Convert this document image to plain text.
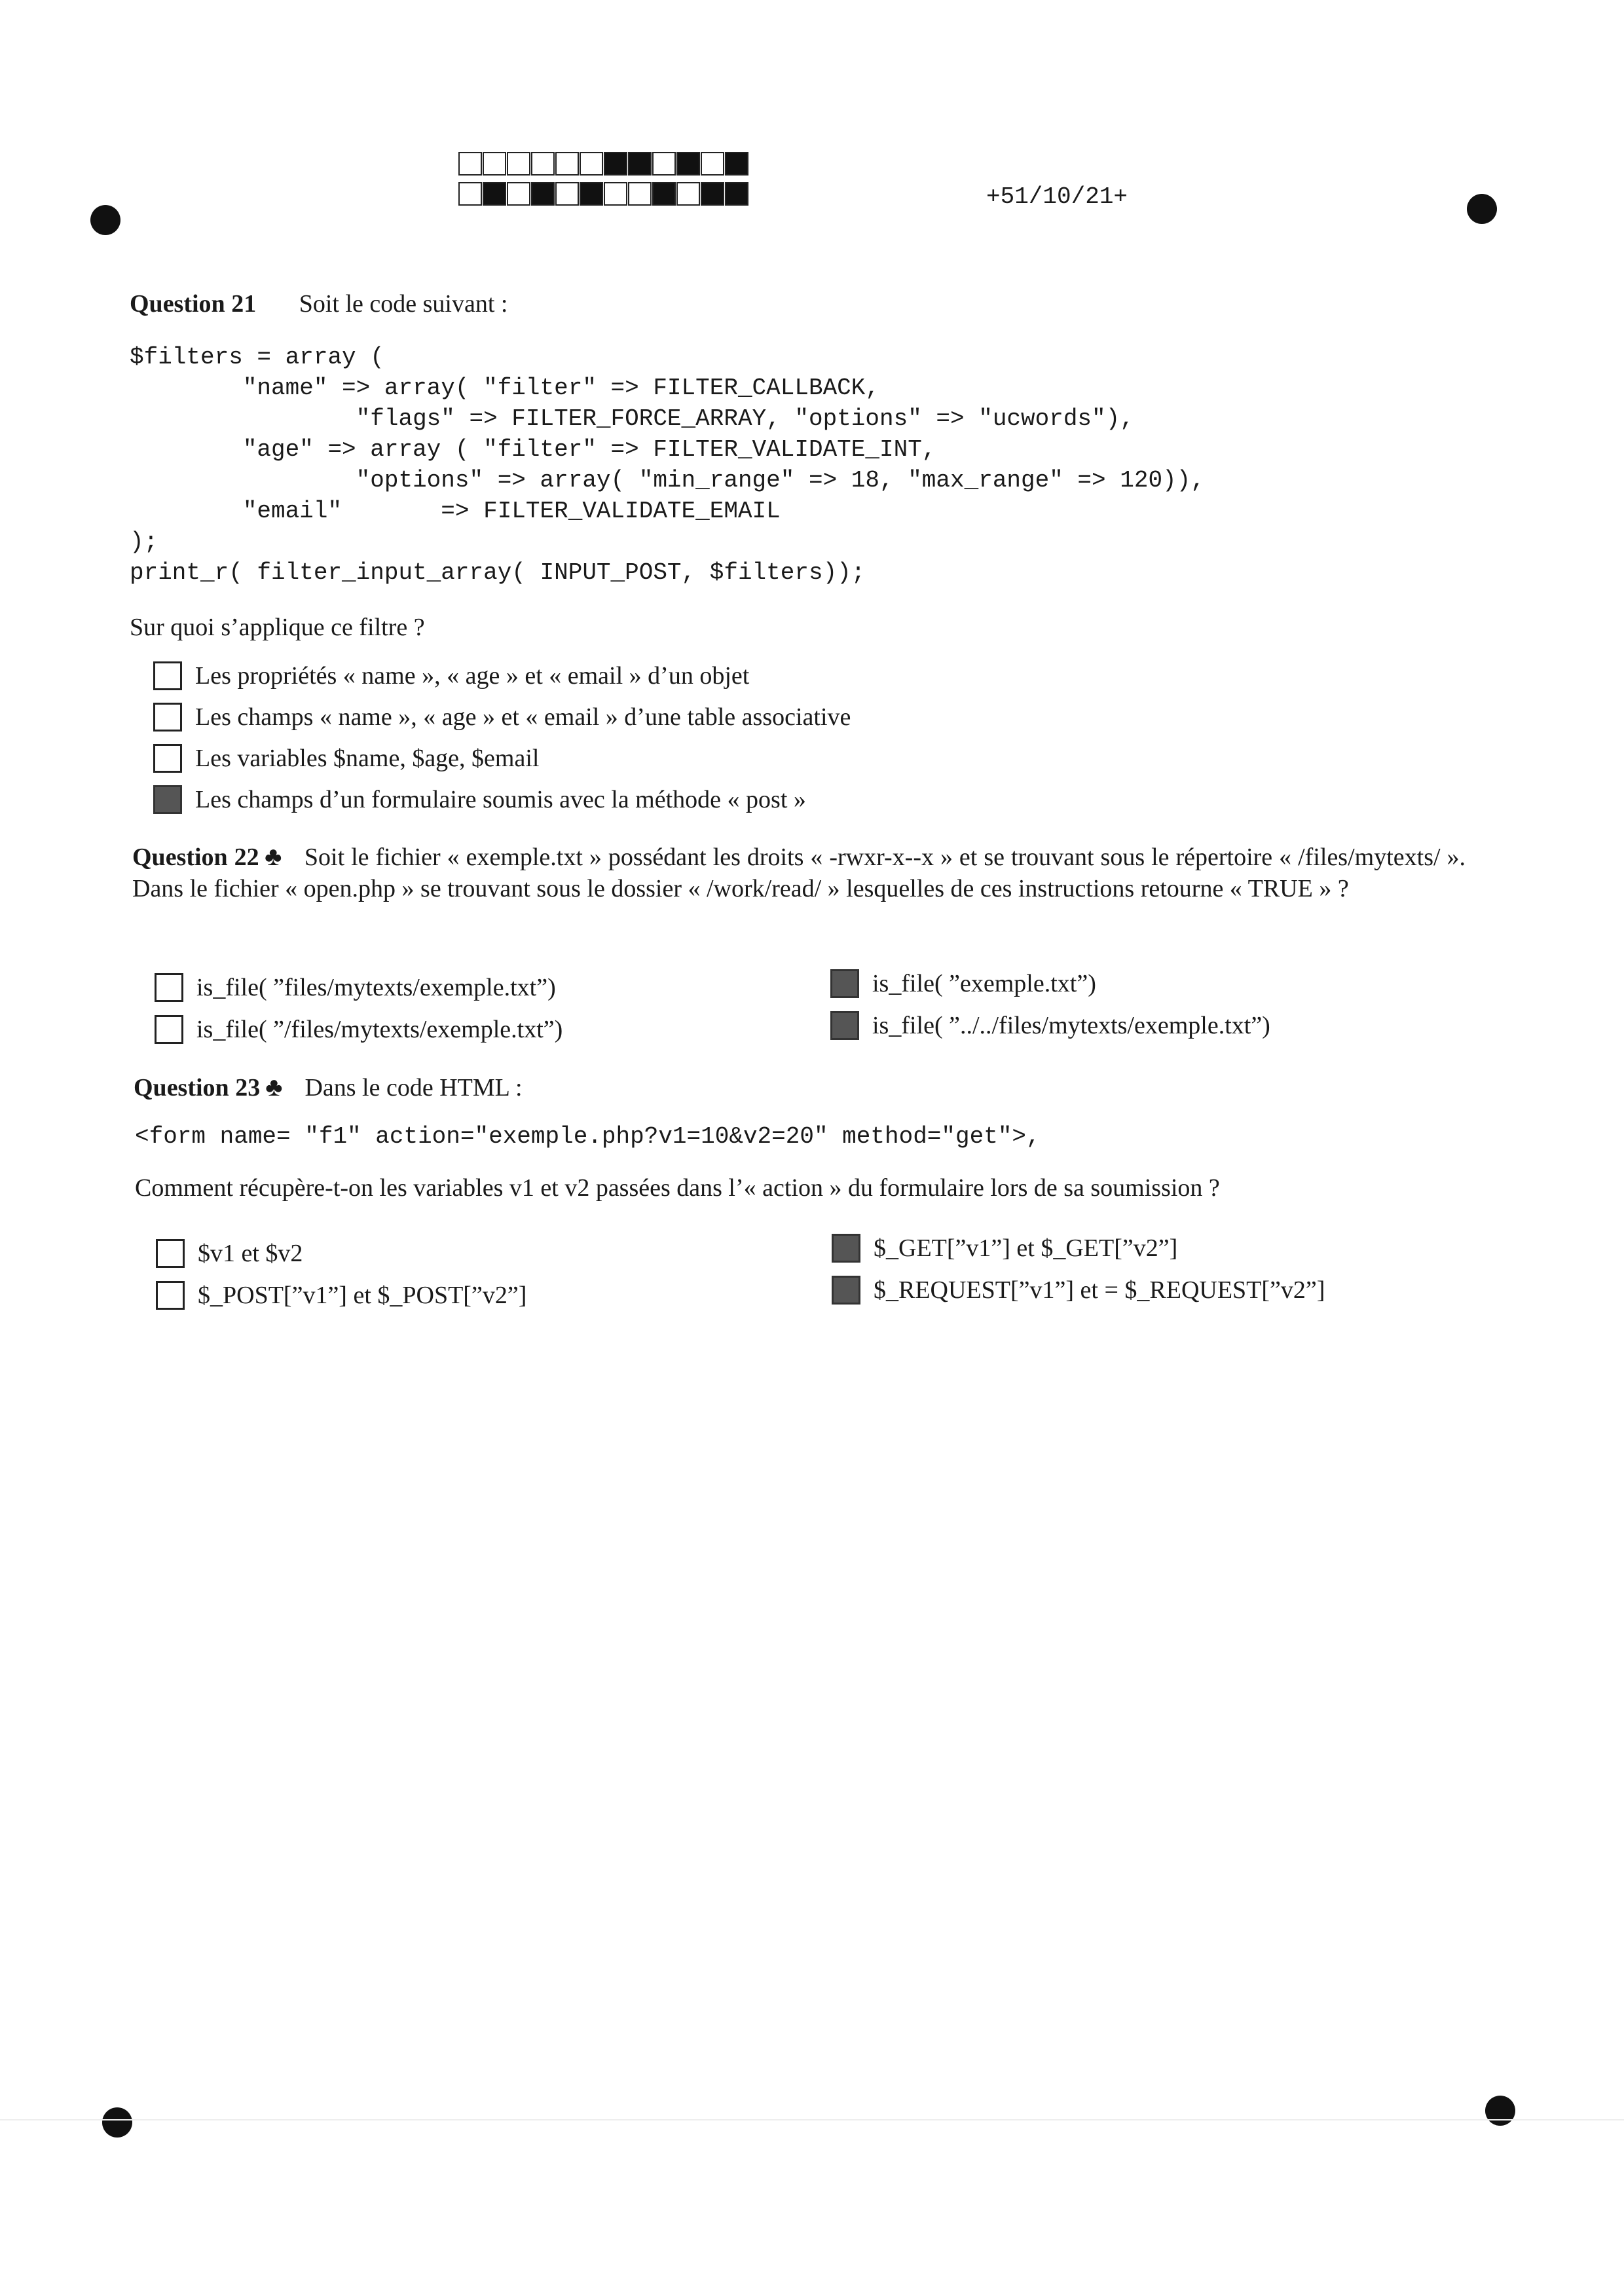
+51/10/21+
Question 21 Soit le code suivant :
$filters = array (
"name" => array( "filter" => FILTER_CALLBACK,
"flags" => FILTER_FORCE_ARRAY, "options" => "ucwords"),
"age" => array ( "filter" => FILTER_VALIDATE_INT,
"options" => array( "min_range" => 18, "max_range" => 120)),
"email"       => FILTER_VALIDATE_EMAIL
);
print_r( filter_input_array( INPUT_POST, $filters));
Sur quoi s’applique ce filtre ?
Les propriétés « name », « age » et « email » d’un objet
Les champs « name », « age » et « email » d’une table associative
Les variables $name, $age, $email
Les champs d’un formulaire soumis avec la méthode « post »
Question 22 ♣ Soit le fichier « exemple.txt » possédant les droits « -rwxr-x--x » et se trouvant sous le répertoire « /files/mytexts/ ». Dans le fichier « open.php » se trouvant sous le dossier « /work/read/ » lesquelles de ces instructions retourne « TRUE » ?
is_file( ”files/mytexts/exemple.txt”)
is_file( ”/files/mytexts/exemple.txt”)
is_file( ”exemple.txt”)
is_file( ”../../files/mytexts/exemple.txt”)
Question 23 ♣ Dans le code HTML :
<form name= "f1" action="exemple.php?v1=10&v2=20" method="get">,
Comment récupère-t-on les variables v1 et v2 passées dans l’« action » du formulaire lors de sa soumission ?
$v1 et $v2
$_POST[”v1”] et $_POST[”v2”]
$_GET[”v1”] et $_GET[”v2”]
$_REQUEST[”v1”] et = $_REQUEST[”v2”]
